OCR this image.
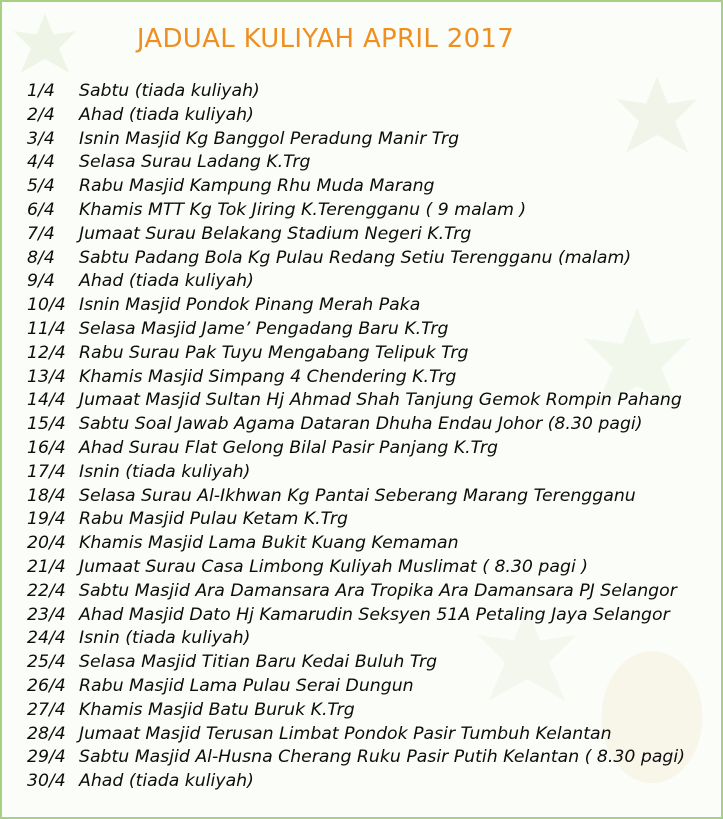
JADUAL KULIYAH APRIL 2017
1/4 Sabtu (tiada kuliyah)
2/4 Ahad (tiada kuliyah)
3/4 Isnin Masjid Kg Banggol Peradung Manir Trg
4/4 Selasa Surau Ladang K.Trg
5/4 Rabu Masjid Kampung Rhu Muda Marang
6/4 Khamis MTT Kg Tok Jiring K.Terengganu ( 9 malam )
7/4 Jumaat Surau Belakang Stadium Negeri K.Trg
8/4 Sabtu Padang Bola Kg Pulau Redang Setiu Terengganu (malam)
9/4 Ahad (tiada kuliyah)
10/4 Isnin Masjid Pondok Pinang Merah Paka
11/4 Selasa Masjid Jame’ Pengadang Baru K.Trg
12/4 Rabu Surau Pak Tuyu Mengabang Telipuk Trg
13/4 Khamis Masjid Simpang 4 Chendering K.Trg
14/4 Jumaat Masjid Sultan Hj Ahmad Shah Tanjung Gemok Rompin Pahang
15/4 Sabtu Soal Jawab Agama Dataran Dhuha Endau Johor (8.30 pagi)
16/4 Ahad Surau Flat Gelong Bilal Pasir Panjang K.Trg
17/4 Isnin (tiada kuliyah)
18/4 Selasa Surau Al-Ikhwan Kg Pantai Seberang Marang Terengganu
19/4 Rabu Masjid Pulau Ketam K.Trg
20/4 Khamis Masjid Lama Bukit Kuang Kemaman
21/4 Jumaat Surau Casa Limbong Kuliyah Muslimat ( 8.30 pagi )
22/4 Sabtu Masjid Ara Damansara Ara Tropika Ara Damansara PJ Selangor
23/4 Ahad Masjid Dato Hj Kamarudin Seksyen 51A Petaling Jaya Selangor
24/4 Isnin (tiada kuliyah)
25/4 Selasa Masjid Titian Baru Kedai Buluh Trg
26/4 Rabu Masjid Lama Pulau Serai Dungun
27/4 Khamis Masjid Batu Buruk K.Trg
28/4 Jumaat Masjid Terusan Limbat Pondok Pasir Tumbuh Kelantan
29/4 Sabtu Masjid Al-Husna Cherang Ruku Pasir Putih Kelantan ( 8.30 pagi)
30/4 Ahad (tiada kuliyah)
